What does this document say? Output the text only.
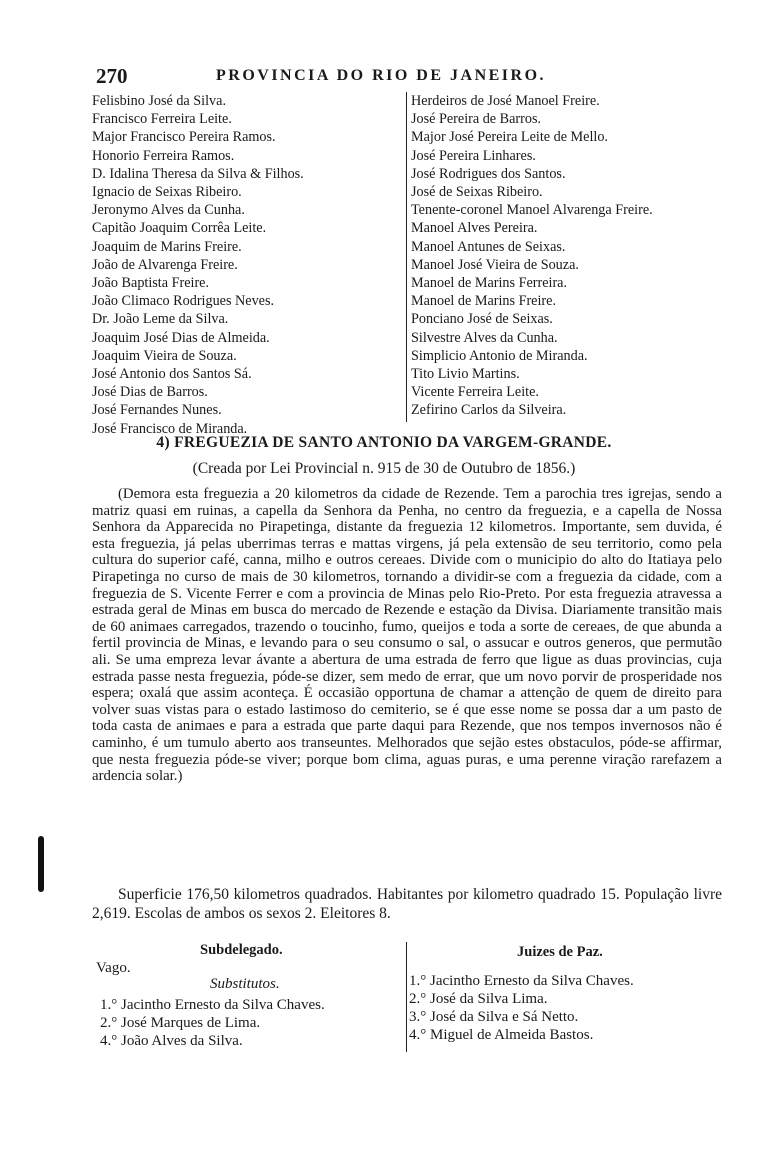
270	PROVINCIA DO RIO DE JANEIRO.
Felisbino José da Silva.
Francisco Ferreira Leite.
Major Francisco Pereira Ramos.
Honorio Ferreira Ramos.
D. Idalina Theresa da Silva & Filhos.
Ignacio de Seixas Ribeiro.
Jeronymo Alves da Cunha.
Capitão Joaquim Corrêa Leite.
Joaquim de Marins Freire.
João de Alvarenga Freire.
João Baptista Freire.
João Climaco Rodrigues Neves.
Dr. João Leme da Silva.
Joaquim José Dias de Almeida.
Joaquim Vieira de Souza.
José Antonio dos Santos Sá.
José Dias de Barros.
José Fernandes Nunes.
José Francisco de Miranda.
Herdeiros de José Manoel Freire.
José Pereira de Barros.
Major José Pereira Leite de Mello.
José Pereira Linhares.
José Rodrigues dos Santos.
José de Seixas Ribeiro.
Tenente-coronel Manoel Alvarenga Freire.
Manoel Alves Pereira.
Manoel Antunes de Seixas.
Manoel José Vieira de Souza.
Manoel de Marins Ferreira.
Manoel de Marins Freire.
Ponciano José de Seixas.
Silvestre Alves da Cunha.
Simplicio Antonio de Miranda.
Tito Livio Martins.
Vicente Ferreira Leite.
Zefirino Carlos da Silveira.
4) FREGUEZIA DE SANTO ANTONIO DA VARGEM-GRANDE.
(Creada por Lei Provincial n. 915 de 30 de Outubro de 1856.)

(Demora esta freguezia a 20 kilometros da cidade de Rezende. Tem a parochia tres igrejas, sendo a matriz quasi em ruinas, a capella da Senhora da Penha, no centro da freguezia, e a capella de Nossa Senhora da Apparecida no Pirapetinga, distante da freguezia 12 kilometros. Importante, sem duvida, é esta freguezia, já pelas uberrimas terras e mattas virgens, já pela extensão de seu territorio, como pela cultura do superior café, canna, milho e outros cereaes. Divide com o municipio do alto do Itatiaya pelo Pirapetinga no curso de mais de 30 kilometros, tornando a dividir-se com a freguezia da cidade, com a freguezia de S. Vicente Ferrer e com a provincia de Minas pelo Rio-Preto. Por esta freguezia atravessa a estrada geral de Minas em busca do mercado de Rezende e estação da Divisa. Diariamente transitão mais de 60 animaes carregados, trazendo o toucinho, fumo, queijos e toda a sorte de cereaes, de que abunda a fertil provincia de Minas, e levando para o seu consumo o sal, o assucar e outros generos, que permutão ali. Se uma empreza levar ávante a abertura de uma estrada de ferro que ligue as duas provincias, cuja estrada passe nesta freguezia, póde-se dizer, sem medo de errar, que um novo porvir de prosperidade nos espera; oxalá que assim aconteça. É occasião opportuna de chamar a attenção de quem de direito para volver suas vistas para o estado lastimoso do cemiterio, se é que esse nome se possa dar a um pasto de toda casta de animaes e para a estrada que parte daqui para Rezende, que nos tempos invernosos não é caminho, é um tumulo aberto aos transeuntes. Melhorados que sejão estes obstaculos, póde-se affirmar, que nesta freguezia póde-se viver; porque bom clima, aguas puras, e uma perenne viração rarefazem a ardencia solar.)

Superficie 176,50 kilometros quadrados. Habitantes por kilometro quadrado 15. População livre 2,619. Escolas de ambos os sexos 2. Eleitores 8.

Subdelegado.
Vago.
Substitutos.
1.° Jacintho Ernesto da Silva Chaves.
2.° José Marques de Lima.
4.° João Alves da Silva.
Juizes de Paz.
1.° Jacintho Ernesto da Silva Chaves.
2.° José da Silva Lima.
3.° José da Silva e Sá Netto.
4.° Miguel de Almeida Bastos.
